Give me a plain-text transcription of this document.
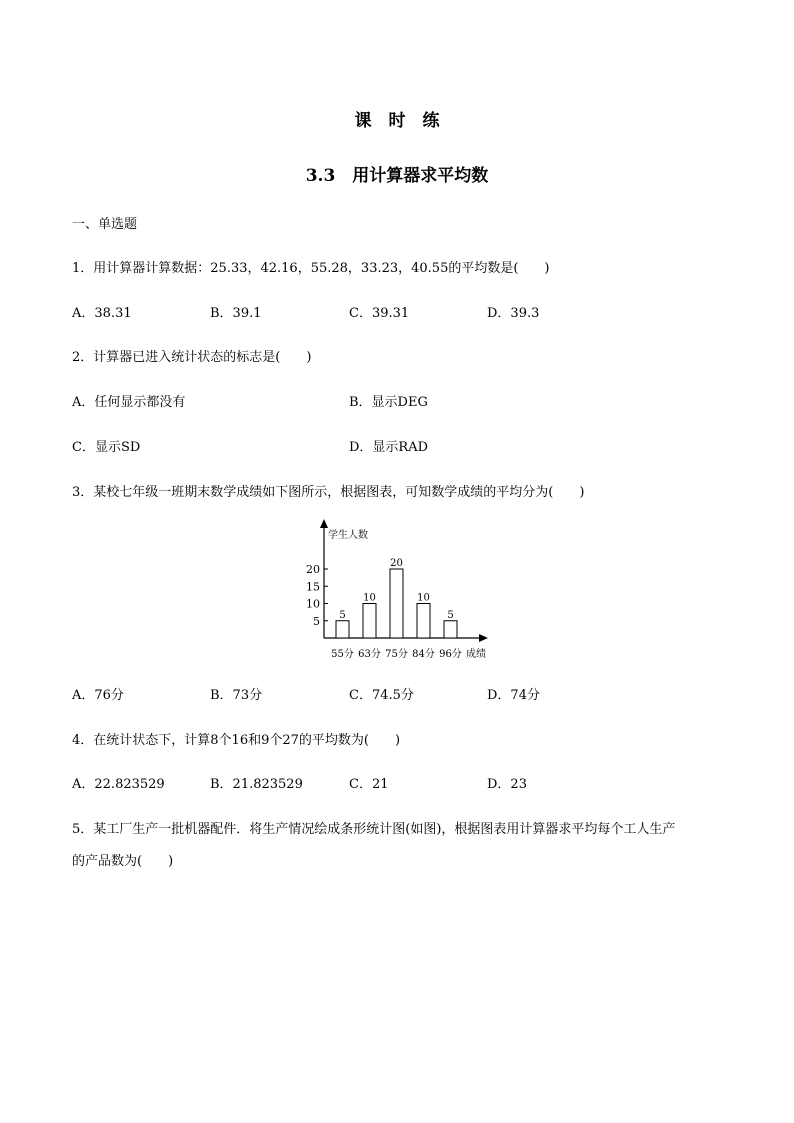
课　时　练
3.3　用计算器求平均数
一、单选题
1．用计算器计算数据：25.33，42.16，55.28，33.23，40.55的平均数是(　　)
A．38.31	B．39.1	C．39.31	D．39.3
2．计算器已进入统计状态的标志是(　　)
A．任何显示都没有	B．显示DEG
C．显示SD	D．显示RAD
3．某校七年级一班期末数学成绩如下图所示，根据图表，可知数学成绩的平均分为(　　)
学生人数
成绩
5
10
15
20
5
55分
10
63分
20
75分
10
84分
5
96分
A．76分	B．73分	C．74.5分	D．74分
4．在统计状态下，计算8个16和9个27的平均数为(　　)
A．22.823529	B．21.823529	C．21	D．23
5．某工厂生产一批机器配件．将生产情况绘成条形统计图(如图)，根据图表用计算器求平均每个工人生产
的产品数为(　　)
